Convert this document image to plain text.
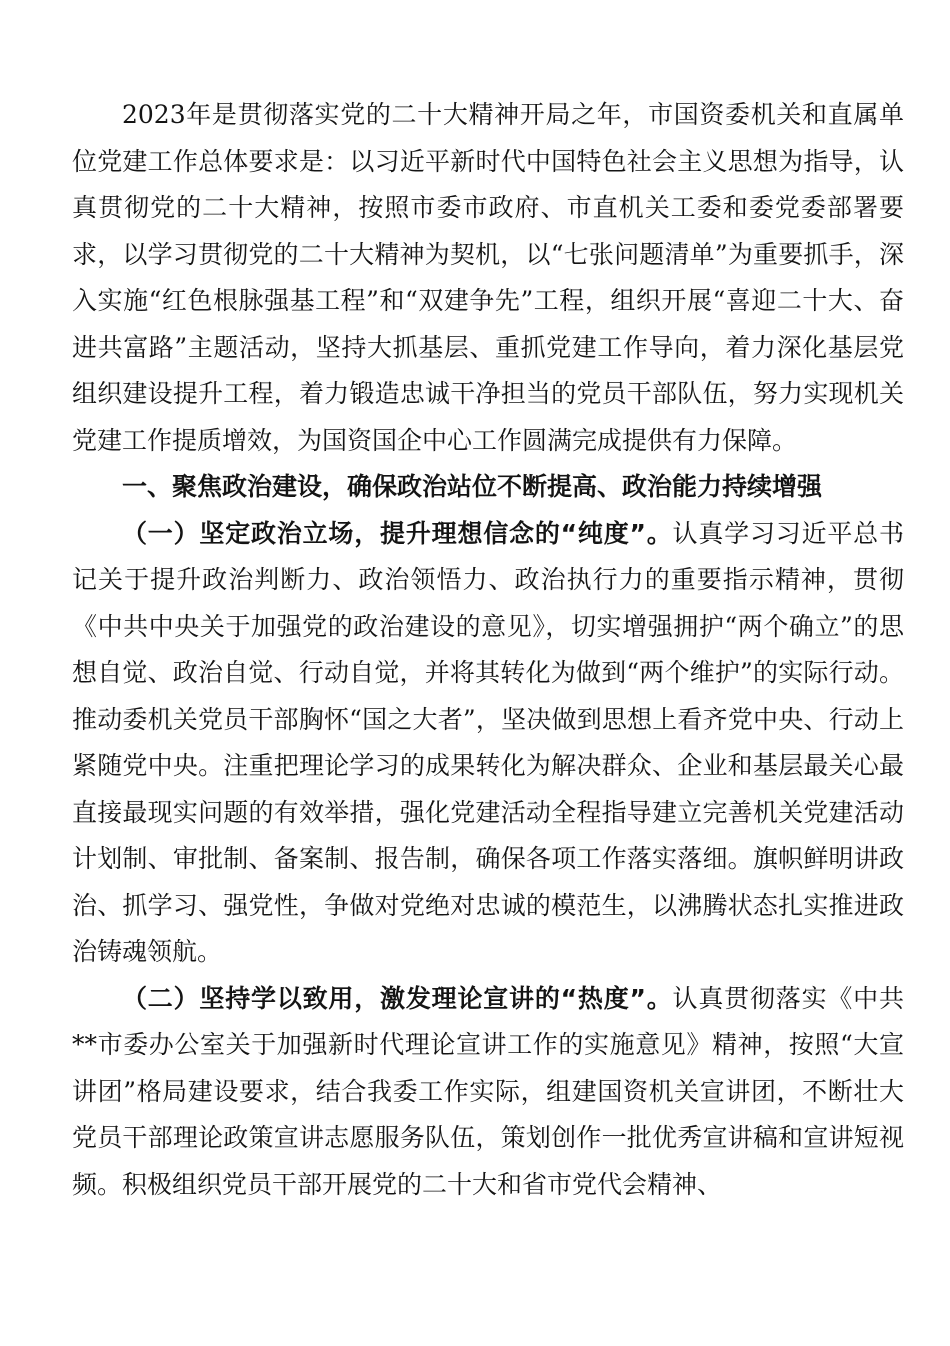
2023年是贯彻落实党的二十大精神开局之年，市国资委机关和直属单位党建工作总体要求是：以习近平新时代中国特色社会主义思想为指导，认真贯彻党的二十大精神，按照市委市政府、市直机关工委和委党委部署要求，以学习贯彻党的二十大精神为契机，以“七张问题清单”为重要抓手，深入实施“红色根脉强基工程”和“双建争先”工程，组织开展“喜迎二十大、奋进共富路”主题活动，坚持大抓基层、重抓党建工作导向，着力深化基层党组织建设提升工程，着力锻造忠诚干净担当的党员干部队伍，努力实现机关党建工作提质增效，为国资国企中心工作圆满完成提供有力保障。

一、聚焦政治建设，确保政治站位不断提高、政治能力持续增强

（一）坚定政治立场，提升理想信念的“纯度”。认真学习习近平总书记关于提升政治判断力、政治领悟力、政治执行力的重要指示精神，贯彻《中共中央关于加强党的政治建设的意见》，切实增强拥护“两个确立”的思想自觉、政治自觉、行动自觉，并将其转化为做到“两个维护”的实际行动。推动委机关党员干部胸怀“国之大者”，坚决做到思想上看齐党中央、行动上紧随党中央。注重把理论学习的成果转化为解决群众、企业和基层最关心最直接最现实问题的有效举措，强化党建活动全程指导建立完善机关党建活动计划制、审批制、备案制、报告制，确保各项工作落实落细。旗帜鲜明讲政治、抓学习、强党性，争做对党绝对忠诚的模范生，以沸腾状态扎实推进政治铸魂领航。

（二）坚持学以致用，激发理论宣讲的“热度”。认真贯彻落实《中共**市委办公室关于加强新时代理论宣讲工作的实施意见》精神，按照“大宣讲团”格局建设要求，结合我委工作实际，组建国资机关宣讲团，不断壮大党员干部理论政策宣讲志愿服务队伍，策划创作一批优秀宣讲稿和宣讲短视频。积极组织党员干部开展党的二十大和省市党代会精神、
